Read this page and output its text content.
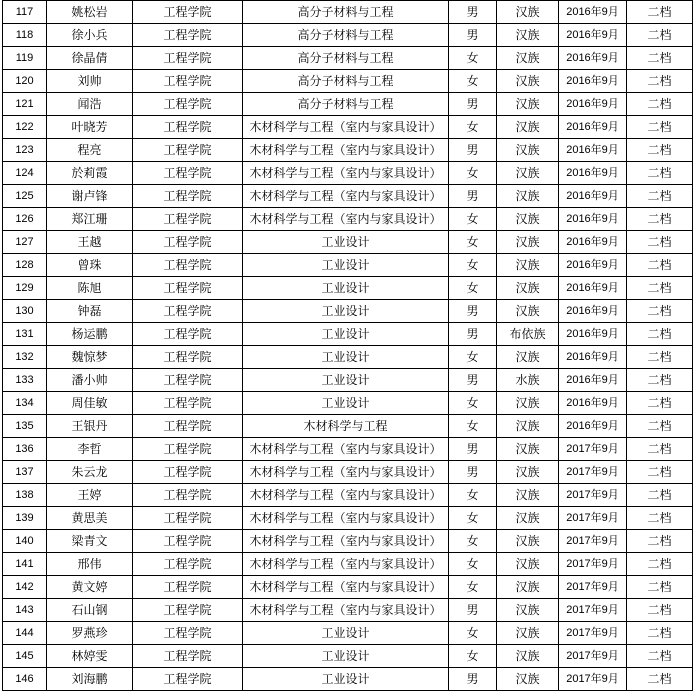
117	姚松岩	工程学院	高分子材料与工程	男	汉族	2016年9月	二档
118	徐小兵	工程学院	高分子材料与工程	男	汉族	2016年9月	二档
119	徐晶倩	工程学院	高分子材料与工程	女	汉族	2016年9月	二档
120	刘帅	工程学院	高分子材料与工程	女	汉族	2016年9月	二档
121	闻浩	工程学院	高分子材料与工程	男	汉族	2016年9月	二档
122	叶晓芳	工程学院	木材科学与工程（室内与家具设计）	女	汉族	2016年9月	二档
123	程亮	工程学院	木材科学与工程（室内与家具设计）	男	汉族	2016年9月	二档
124	於莉霞	工程学院	木材科学与工程（室内与家具设计）	女	汉族	2016年9月	二档
125	谢卢锋	工程学院	木材科学与工程（室内与家具设计）	男	汉族	2016年9月	二档
126	郑江珊	工程学院	木材科学与工程（室内与家具设计）	女	汉族	2016年9月	二档
127	王越	工程学院	工业设计	女	汉族	2016年9月	二档
128	曾珠	工程学院	工业设计	女	汉族	2016年9月	二档
129	陈旭	工程学院	工业设计	女	汉族	2016年9月	二档
130	钟磊	工程学院	工业设计	男	汉族	2016年9月	二档
131	杨运鹏	工程学院	工业设计	男	布依族	2016年9月	二档
132	魏惊梦	工程学院	工业设计	女	汉族	2016年9月	二档
133	潘小帅	工程学院	工业设计	男	水族	2016年9月	二档
134	周佳敏	工程学院	工业设计	女	汉族	2016年9月	二档
135	王银丹	工程学院	木材科学与工程	女	汉族	2016年9月	二档
136	李哲	工程学院	木材科学与工程（室内与家具设计）	男	汉族	2017年9月	二档
137	朱云龙	工程学院	木材科学与工程（室内与家具设计）	男	汉族	2017年9月	二档
138	王婷	工程学院	木材科学与工程（室内与家具设计）	女	汉族	2017年9月	二档
139	黄思美	工程学院	木材科学与工程（室内与家具设计）	女	汉族	2017年9月	二档
140	梁青文	工程学院	木材科学与工程（室内与家具设计）	女	汉族	2017年9月	二档
141	邢伟	工程学院	木材科学与工程（室内与家具设计）	女	汉族	2017年9月	二档
142	黄文婷	工程学院	木材科学与工程（室内与家具设计）	女	汉族	2017年9月	二档
143	石山钢	工程学院	木材科学与工程（室内与家具设计）	男	汉族	2017年9月	二档
144	罗燕珍	工程学院	工业设计	女	汉族	2017年9月	二档
145	林婷雯	工程学院	工业设计	女	汉族	2017年9月	二档
146	刘海鹏	工程学院	工业设计	男	汉族	2017年9月	二档
